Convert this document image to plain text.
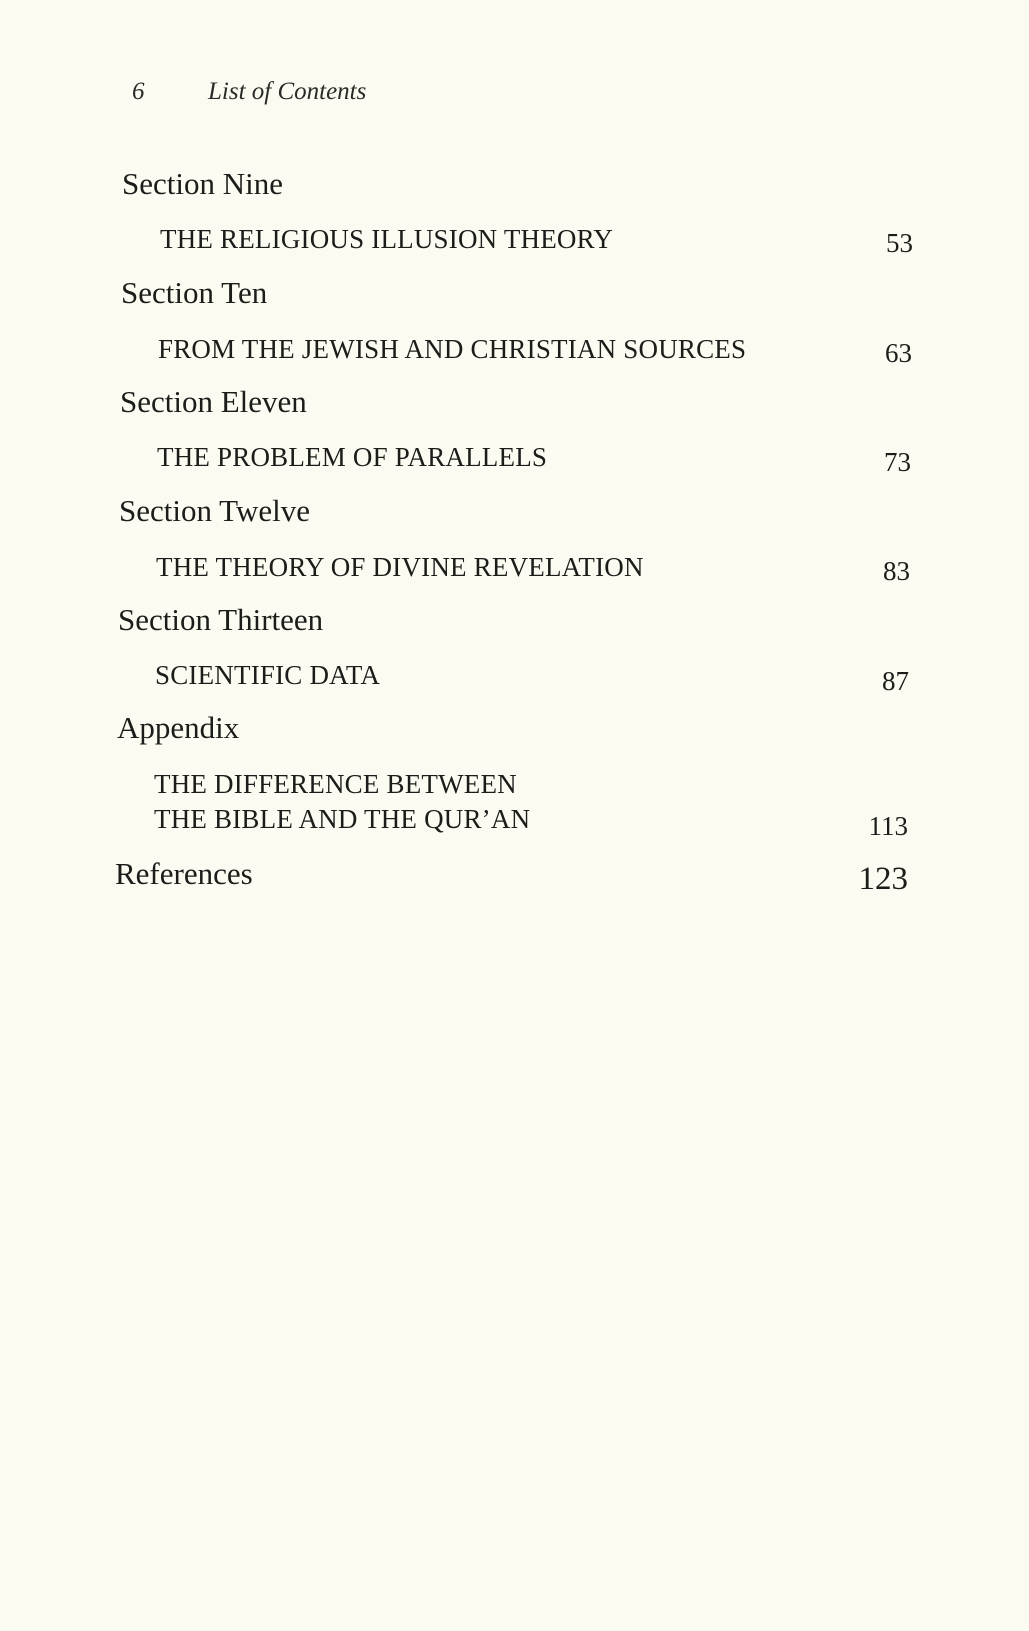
6	List of Contents
Section Nine
THE RELIGIOUS ILLUSION THEORY	53
Section Ten
FROM THE JEWISH AND CHRISTIAN SOURCES	63
Section Eleven
THE PROBLEM OF PARALLELS	73
Section Twelve
THE THEORY OF DIVINE REVELATION	83
Section Thirteen
SCIENTIFIC DATA	87
Appendix
THE DIFFERENCE BETWEEN
THE BIBLE AND THE QUR’AN	113
References	123
